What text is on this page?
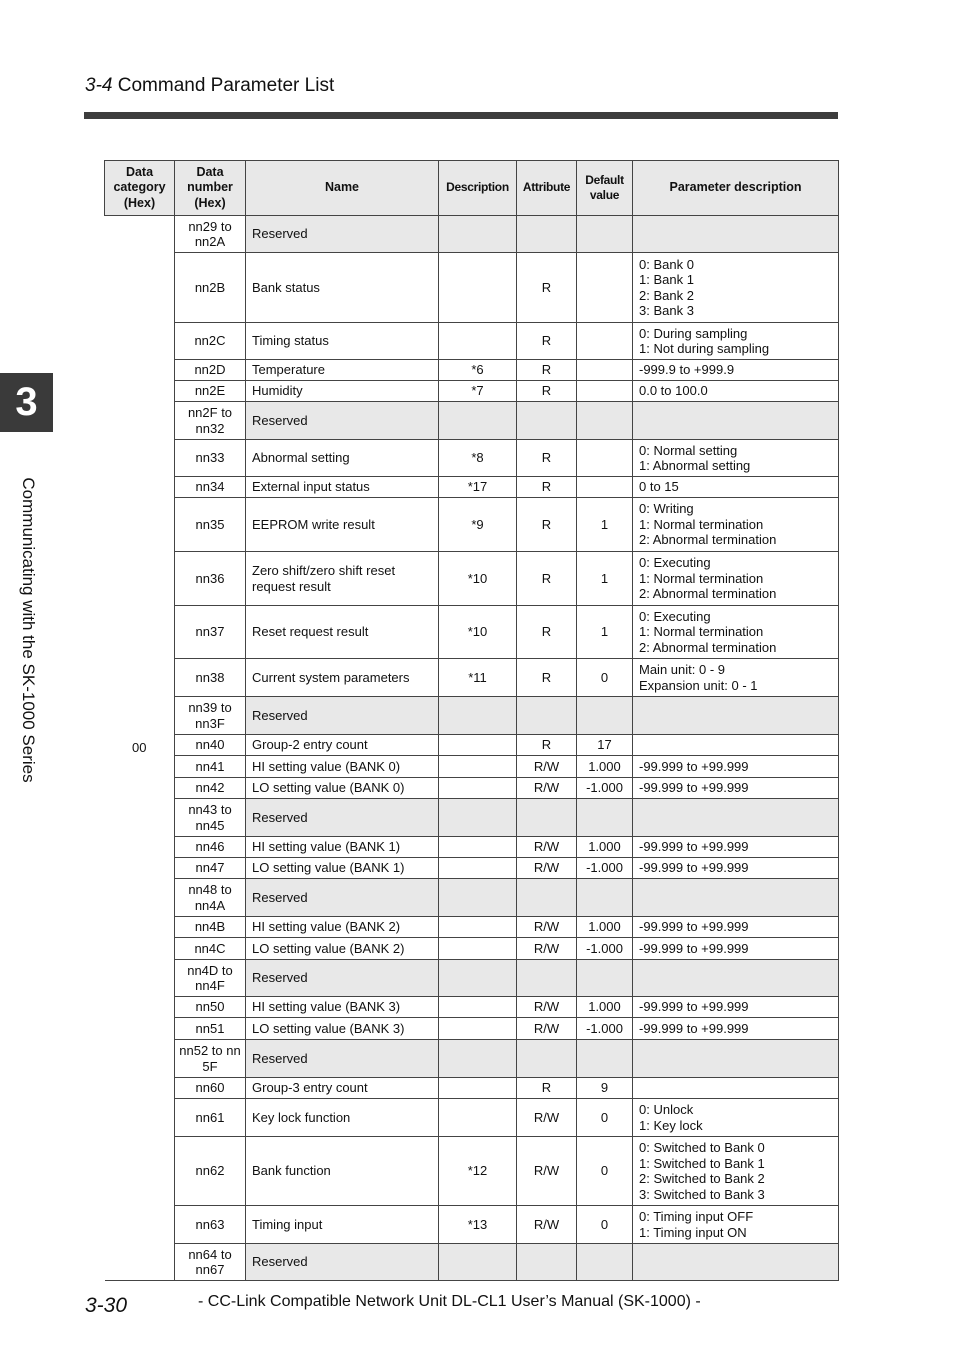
3-4 Command Parameter List
3
Communicating with the SK-1000 Series
Data category (Hex)	Data number (Hex)	Name	Description	Attribute	Default value	Parameter description
00	nn29 to nn2A	Reserved				
	nn2B	Bank status		R		0: Bank 0
1: Bank 1
2: Bank 2
3: Bank 3
	nn2C	Timing status		R		0: During sampling
1: Not during sampling
	nn2D	Temperature	*6	R		-999.9 to +999.9
	nn2E	Humidity	*7	R		0.0 to 100.0
	nn2F to nn32	Reserved				
	nn33	Abnormal setting	*8	R		0: Normal setting
1: Abnormal setting
	nn34	External input status	*17	R		0 to 15
	nn35	EEPROM write result	*9	R	1	0: Writing
1: Normal termination
2: Abnormal termination
	nn36	Zero shift/zero shift reset request result	*10	R	1	0: Executing
1: Normal termination
2: Abnormal termination
	nn37	Reset request result	*10	R	1	0: Executing
1: Normal termination
2: Abnormal termination
	nn38	Current system parameters	*11	R	0	Main unit: 0 - 9
Expansion unit: 0 - 1
	nn39 to nn3F	Reserved				
	nn40	Group-2 entry count		R	17	
	nn41	HI setting value (BANK 0)		R/W	1.000	-99.999 to +99.999
	nn42	LO setting value (BANK 0)		R/W	-1.000	-99.999 to +99.999
	nn43 to nn45	Reserved				
	nn46	HI setting value (BANK 1)		R/W	1.000	-99.999 to +99.999
	nn47	LO setting value (BANK 1)		R/W	-1.000	-99.999 to +99.999
	nn48 to nn4A	Reserved				
	nn4B	HI setting value (BANK 2)		R/W	1.000	-99.999 to +99.999
	nn4C	LO setting value (BANK 2)		R/W	-1.000	-99.999 to +99.999
	nn4D to nn4F	Reserved				
	nn50	HI setting value (BANK 3)		R/W	1.000	-99.999 to +99.999
	nn51	LO setting value (BANK 3)		R/W	-1.000	-99.999 to +99.999
	nn52 to nn 5F	Reserved				
	nn60	Group-3 entry count		R	9	
	nn61	Key lock function		R/W	0	0: Unlock
1: Key lock
	nn62	Bank function	*12	R/W	0	0: Switched to Bank 0
1: Switched to Bank 1
2: Switched to Bank 2
3: Switched to Bank 3
	nn63	Timing input	*13	R/W	0	0: Timing input OFF
1: Timing input ON
	nn64 to nn67	Reserved				
3-30	- CC-Link Compatible Network Unit DL-CL1 User’s Manual (SK-1000) -
